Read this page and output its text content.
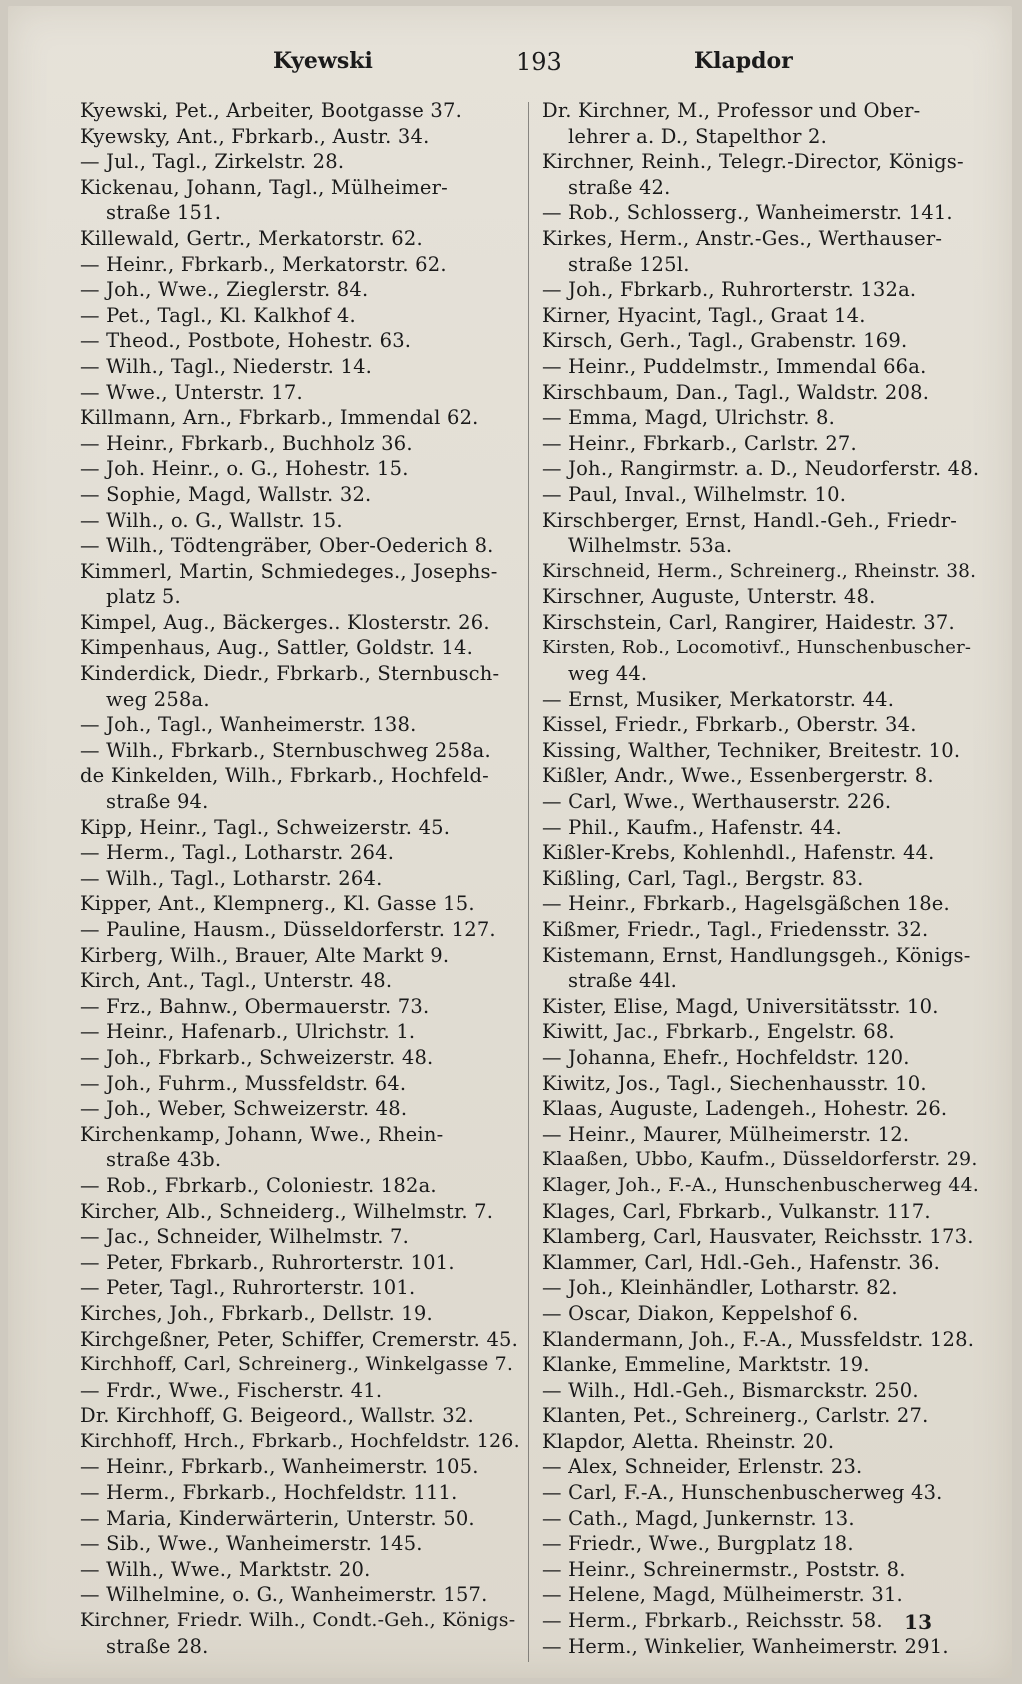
Kyewski	193	Klapdor
Kyewski, Pet., Arbeiter, Bootgasse 37.
Kyewsky, Ant., Fbrkarb., Austr. 34.
— Jul., Tagl., Zirkelstr. 28.
Kickenau, Johann, Tagl., Mülheimer-
straße 151.
Killewald, Gertr., Merkatorstr. 62.
— Heinr., Fbrkarb., Merkatorstr. 62.
— Joh., Wwe., Zieglerstr. 84.
— Pet., Tagl., Kl. Kalkhof 4.
— Theod., Postbote, Hohestr. 63.
— Wilh., Tagl., Niederstr. 14.
— Wwe., Unterstr. 17.
Killmann, Arn., Fbrkarb., Immendal 62.
— Heinr., Fbrkarb., Buchholz 36.
— Joh. Heinr., o. G., Hohestr. 15.
— Sophie, Magd, Wallstr. 32.
— Wilh., o. G., Wallstr. 15.
— Wilh., Tödtengräber, Ober-Oederich 8.
Kimmerl, Martin, Schmiedeges., Josephs-
platz 5.
Kimpel, Aug., Bäckerges.. Klosterstr. 26.
Kimpenhaus, Aug., Sattler, Goldstr. 14.
Kinderdick, Diedr., Fbrkarb., Sternbusch-
weg 258a.
— Joh., Tagl., Wanheimerstr. 138.
— Wilh., Fbrkarb., Sternbuschweg 258a.
de Kinkelden, Wilh., Fbrkarb., Hochfeld-
straße 94.
Kipp, Heinr., Tagl., Schweizerstr. 45.
— Herm., Tagl., Lotharstr. 264.
— Wilh., Tagl., Lotharstr. 264.
Kipper, Ant., Klempnerg., Kl. Gasse 15.
— Pauline, Hausm., Düsseldorferstr. 127.
Kirberg, Wilh., Brauer, Alte Markt 9.
Kirch, Ant., Tagl., Unterstr. 48.
— Frz., Bahnw., Obermauerstr. 73.
— Heinr., Hafenarb., Ulrichstr. 1.
— Joh., Fbrkarb., Schweizerstr. 48.
— Joh., Fuhrm., Mussfeldstr. 64.
— Joh., Weber, Schweizerstr. 48.
Kirchenkamp, Johann, Wwe., Rhein-
straße 43b.
— Rob., Fbrkarb., Coloniestr. 182a.
Kircher, Alb., Schneiderg., Wilhelmstr. 7.
— Jac., Schneider, Wilhelmstr. 7.
— Peter, Fbrkarb., Ruhrorterstr. 101.
— Peter, Tagl., Ruhrorterstr. 101.
Kirches, Joh., Fbrkarb., Dellstr. 19.
Kirchgeßner, Peter, Schiffer, Cremerstr. 45.
Kirchhoff, Carl, Schreinerg., Winkelgasse 7.
— Frdr., Wwe., Fischerstr. 41.
Dr. Kirchhoff, G. Beigeord., Wallstr. 32.
Kirchhoff, Hrch., Fbrkarb., Hochfeldstr. 126.
— Heinr., Fbrkarb., Wanheimerstr. 105.
— Herm., Fbrkarb., Hochfeldstr. 111.
— Maria, Kinderwärterin, Unterstr. 50.
— Sib., Wwe., Wanheimerstr. 145.
— Wilh., Wwe., Marktstr. 20.
— Wilhelmine, o. G., Wanheimerstr. 157.
Kirchner, Friedr. Wilh., Condt.-Geh., Königs-
straße 28.
Dr. Kirchner, M., Professor und Ober-
lehrer a. D., Stapelthor 2.
Kirchner, Reinh., Telegr.-Director, Königs-
straße 42.
— Rob., Schlosserg., Wanheimerstr. 141.
Kirkes, Herm., Anstr.-Ges., Werthauser-
straße 125l.
— Joh., Fbrkarb., Ruhrorterstr. 132a.
Kirner, Hyacint, Tagl., Graat 14.
Kirsch, Gerh., Tagl., Grabenstr. 169.
— Heinr., Puddelmstr., Immendal 66a.
Kirschbaum, Dan., Tagl., Waldstr. 208.
— Emma, Magd, Ulrichstr. 8.
— Heinr., Fbrkarb., Carlstr. 27.
— Joh., Rangirmstr. a. D., Neudorferstr. 48.
— Paul, Inval., Wilhelmstr. 10.
Kirschberger, Ernst, Handl.-Geh., Friedr-
Wilhelmstr. 53a.
Kirschneid, Herm., Schreinerg., Rheinstr. 38.
Kirschner, Auguste, Unterstr. 48.
Kirschstein, Carl, Rangirer, Haidestr. 37.
Kirsten, Rob., Locomotivf., Hunschenbuscher-
weg 44.
— Ernst, Musiker, Merkatorstr. 44.
Kissel, Friedr., Fbrkarb., Oberstr. 34.
Kissing, Walther, Techniker, Breitestr. 10.
Kißler, Andr., Wwe., Essenbergerstr. 8.
— Carl, Wwe., Werthauserstr. 226.
— Phil., Kaufm., Hafenstr. 44.
Kißler-Krebs, Kohlenhdl., Hafenstr. 44.
Kißling, Carl, Tagl., Bergstr. 83.
— Heinr., Fbrkarb., Hagelsgäßchen 18e.
Kißmer, Friedr., Tagl., Friedensstr. 32.
Kistemann, Ernst, Handlungsgeh., Königs-
straße 44l.
Kister, Elise, Magd, Universitätsstr. 10.
Kiwitt, Jac., Fbrkarb., Engelstr. 68.
— Johanna, Ehefr., Hochfeldstr. 120.
Kiwitz, Jos., Tagl., Siechenhausstr. 10.
Klaas, Auguste, Ladengeh., Hohestr. 26.
— Heinr., Maurer, Mülheimerstr. 12.
Klaaßen, Ubbo, Kaufm., Düsseldorferstr. 29.
Klager, Joh., F.-A., Hunschenbuscherweg 44.
Klages, Carl, Fbrkarb., Vulkanstr. 117.
Klamberg, Carl, Hausvater, Reichsstr. 173.
Klammer, Carl, Hdl.-Geh., Hafenstr. 36.
— Joh., Kleinhändler, Lotharstr. 82.
— Oscar, Diakon, Keppelshof 6.
Klandermann, Joh., F.-A., Mussfeldstr. 128.
Klanke, Emmeline, Marktstr. 19.
— Wilh., Hdl.-Geh., Bismarckstr. 250.
Klanten, Pet., Schreinerg., Carlstr. 27.
Klapdor, Aletta. Rheinstr. 20.
— Alex, Schneider, Erlenstr. 23.
— Carl, F.-A., Hunschenbuscherweg 43.
— Cath., Magd, Junkernstr. 13.
— Friedr., Wwe., Burgplatz 18.
— Heinr., Schreinermstr., Poststr. 8.
— Helene, Magd, Mülheimerstr. 31.
— Herm., Fbrkarb., Reichsstr. 58.
— Herm., Winkelier, Wanheimerstr. 291.
13
